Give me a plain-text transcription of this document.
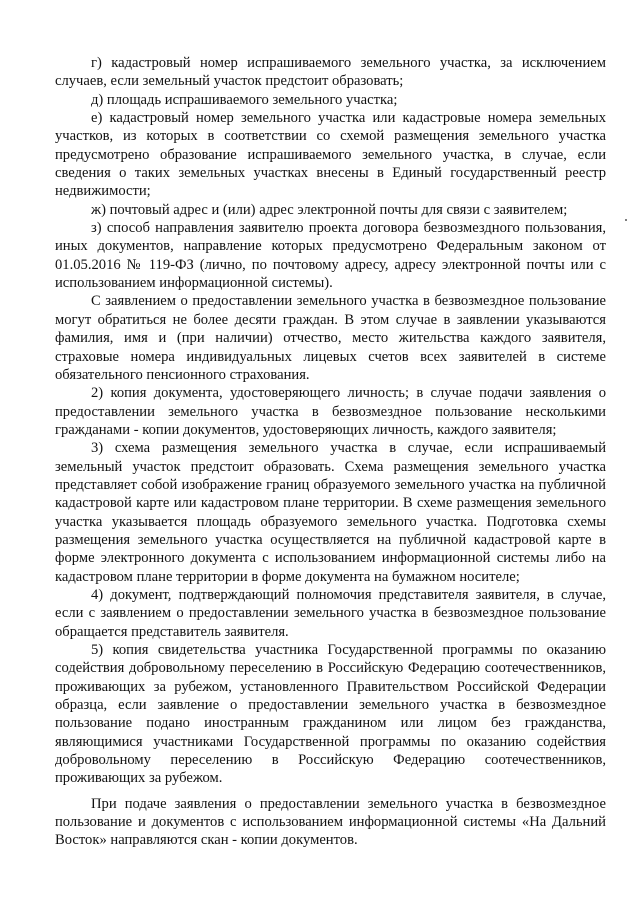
г) кадастровый номер испрашиваемого земельного участка, за исключением случаев, если земельный участок предстоит образовать;

д) площадь испрашиваемого земельного участка;

е) кадастровый номер земельного участка или кадастровые номера земельных участков, из которых в соответствии со схемой размещения земельного участка предусмотрено образование испрашиваемого земельного участка, в случае, если сведения о таких земельных участках внесены в Единый государственный реестр недвижимости;

ж) почтовый адрес и (или) адрес электронной почты для связи с заявителем;

з) способ направления заявителю проекта договора безвозмездного пользования, иных документов, направление которых предусмотрено Федеральным законом от 01.05.2016 № 119-ФЗ (лично, по почтовому адресу, адресу электронной почты или с использованием информационной системы).

С заявлением о предоставлении земельного участка в безвозмездное пользование могут обратиться не более десяти граждан. В этом случае в заявлении указываются фамилия, имя и (при наличии) отчество, место жительства каждого заявителя, страховые номера индивидуальных лицевых счетов всех заявителей в системе обязательного пенсионного страхования.

2) копия документа, удостоверяющего личность; в случае подачи заявления о предоставлении земельного участка в безвозмездное пользование несколькими гражданами - копии документов, удостоверяющих личность, каждого заявителя;

3) схема размещения земельного участка в случае, если испрашиваемый земельный участок предстоит образовать. Схема размещения земельного участка представляет собой изображение границ образуемого земельного участка на публичной кадастровой карте или кадастровом плане территории. В схеме размещения земельного участка указывается площадь образуемого земельного участка. Подготовка схемы размещения земельного участка осуществляется на публичной кадастровой карте в форме электронного документа с использованием информационной системы либо на кадастровом плане территории в форме документа на бумажном носителе;

4) документ, подтверждающий полномочия представителя заявителя, в случае, если с заявлением о предоставлении земельного участка в безвозмездное пользование обращается представитель заявителя.

5) копия свидетельства участника Государственной программы по оказанию содействия добровольному переселению в Российскую Федерацию соотечественников, проживающих за рубежом, установленного Правительством Российской Федерации образца, если заявление о предоставлении земельного участка в безвозмездное пользование подано иностранным гражданином или лицом без гражданства, являющимися участниками Государственной программы по оказанию содействия добровольному переселению в Российскую Федерацию соотечественников, проживающих за рубежом.

При подаче заявления о предоставлении земельного участка в безвозмездное пользование и документов с использованием информационной системы «На Дальний Восток» направляются скан - копии документов.
